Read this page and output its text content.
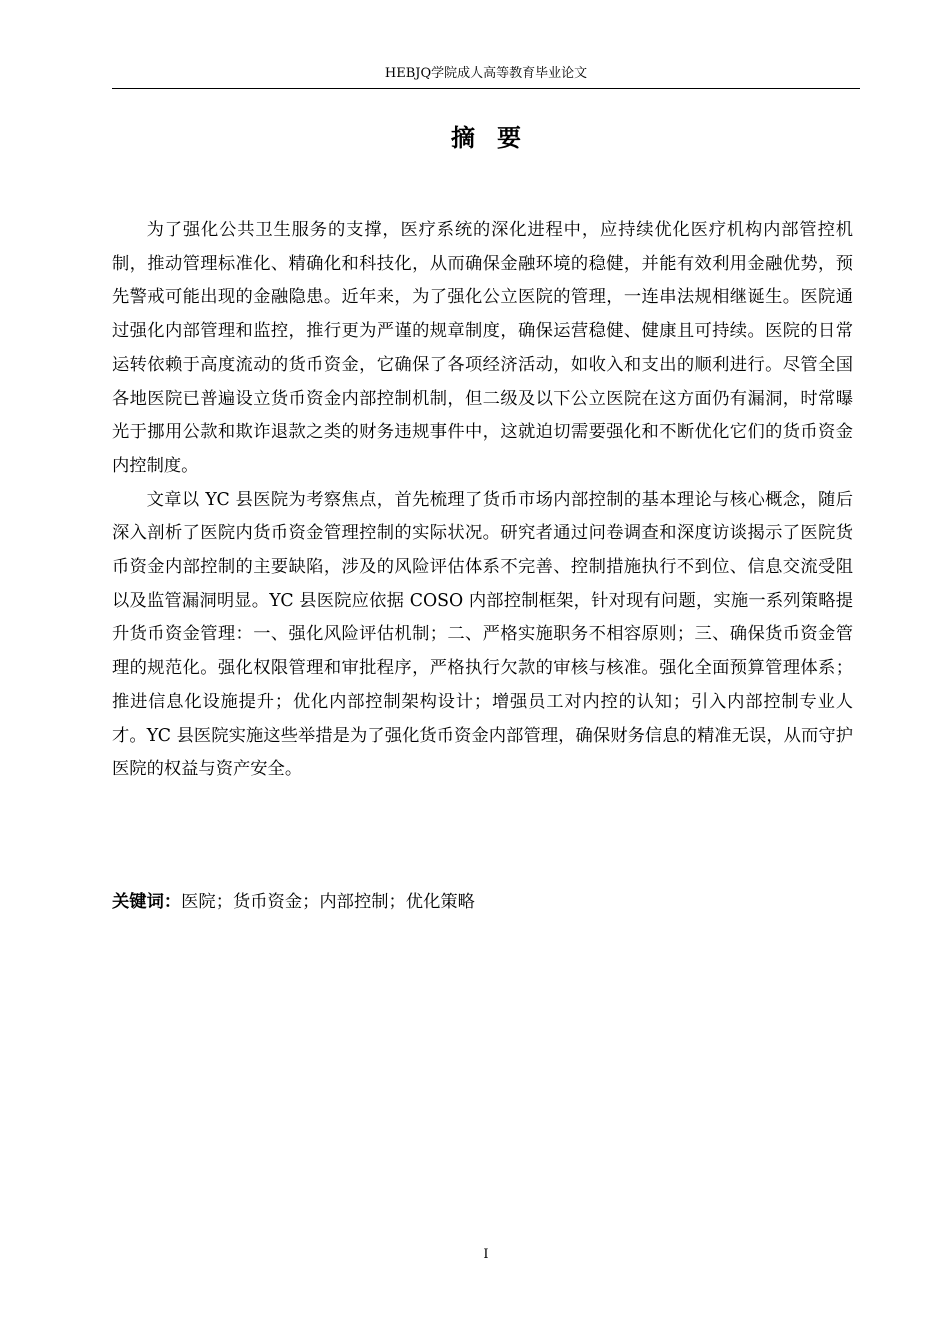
HEBJQ学院成人高等教育毕业论文
摘要

为了强化公共卫生服务的支撑，医疗系统的深化进程中，应持续优化医疗机构内部管控机制，推动管理标准化、精确化和科技化，从而确保金融环境的稳健，并能有效利用金融优势，预先警戒可能出现的金融隐患。近年来，为了强化公立医院的管理，一连串法规相继诞生。医院通过强化内部管理和监控，推行更为严谨的规章制度，确保运营稳健、健康且可持续。医院的日常运转依赖于高度流动的货币资金，它确保了各项经济活动，如收入和支出的顺利进行。尽管全国各地医院已普遍设立货币资金内部控制机制，但二级及以下公立医院在这方面仍有漏洞，时常曝光于挪用公款和欺诈退款之类的财务违规事件中，这就迫切需要强化和不断优化它们的货币资金内控制度。

文章以 YC 县医院为考察焦点，首先梳理了货币市场内部控制的基本理论与核心概念，随后深入剖析了医院内货币资金管理控制的实际状况。研究者通过问卷调查和深度访谈揭示了医院货币资金内部控制的主要缺陷，涉及的风险评估体系不完善、控制措施执行不到位、信息交流受阻以及监管漏洞明显。YC 县医院应依据 COSO 内部控制框架，针对现有问题，实施一系列策略提升货币资金管理：一、强化风险评估机制；二、严格实施职务不相容原则；三、确保货币资金管理的规范化。强化权限管理和审批程序，严格执行欠款的审核与核准。强化全面预算管理体系；推进信息化设施提升；优化内部控制架构设计；增强员工对内控的认知；引入内部控制专业人才。YC 县医院实施这些举措是为了强化货币资金内部管理，确保财务信息的精准无误，从而守护医院的权益与资产安全。

关键词：医院；货币资金；内部控制；优化策略
I
